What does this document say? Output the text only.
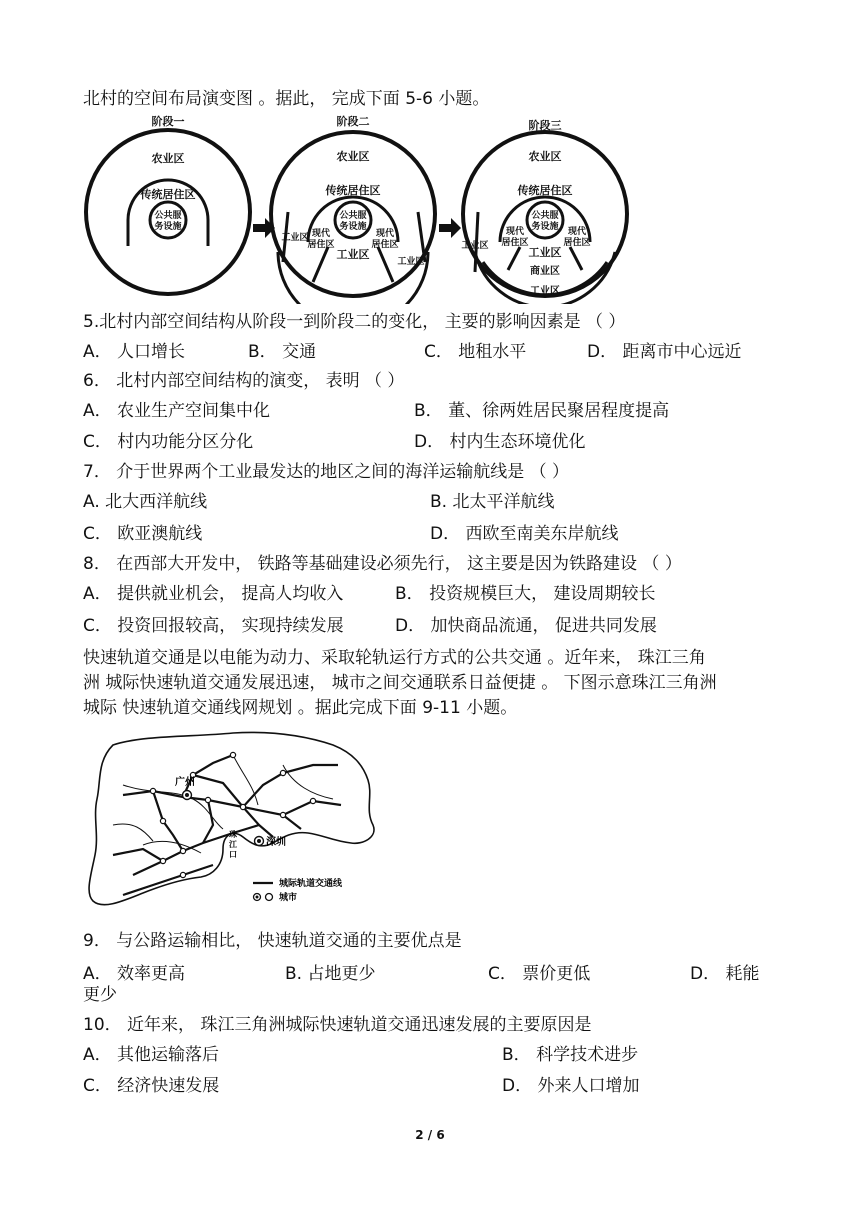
北村的空间布局演变图 。据此， 完成下面 5-6 小题。
阶段一
农业区
传统居住区
公共服
务设施
阶段二
农业区
传统居住区
公共服
务设施
工业区 现代
居住区
现代
居住区
工业区
工业区
阶段三
农业区
传统居住区
公共服
务设施
工业区
现代
居住区
现代
居住区
工业区
商业区
工业区
5.北村内部空间结构从阶段一到阶段二的变化， 主要的影响因素是 （ ）
A． 人口增长	B． 交通	C． 地租水平	D． 距离市中心远近
6． 北村内部空间结构的演变， 表明 （ ）
A． 农业生产空间集中化	B． 董、徐两姓居民聚居程度提高
C． 村内功能分区分化	D． 村内生态环境优化
7． 介于世界两个工业最发达的地区之间的海洋运输航线是 （ ）
A. 北大西洋航线	B. 北太平洋航线
C． 欧亚澳航线	D． 西欧至南美东岸航线
8． 在西部大开发中， 铁路等基础建设必须先行， 这主要是因为铁路建设 （ ）
A． 提供就业机会， 提高人均收入	B． 投资规模巨大， 建设周期较长
C． 投资回报较高， 实现持续发展	D． 加快商品流通， 促进共同发展
快速轨道交通是以电能为动力、采取轮轨运行方式的公共交通 。近年来， 珠江三角
洲 城际快速轨道交通发展迅速， 城市之间交通联系日益便捷 。 下图示意珠江三角洲
城际 快速轨道交通线网规划 。据此完成下面 9-11 小题。
广州
深圳
珠
江
口
城际轨道交通线
城市
9． 与公路运输相比， 快速轨道交通的主要优点是
A． 效率更高	B. 占地更少	C． 票价更低	D． 耗能
更少
10． 近年来， 珠江三角洲城际快速轨道交通迅速发展的主要原因是
A． 其他运输落后	B． 科学技术进步
C． 经济快速发展	D． 外来人口增加
2 / 6
